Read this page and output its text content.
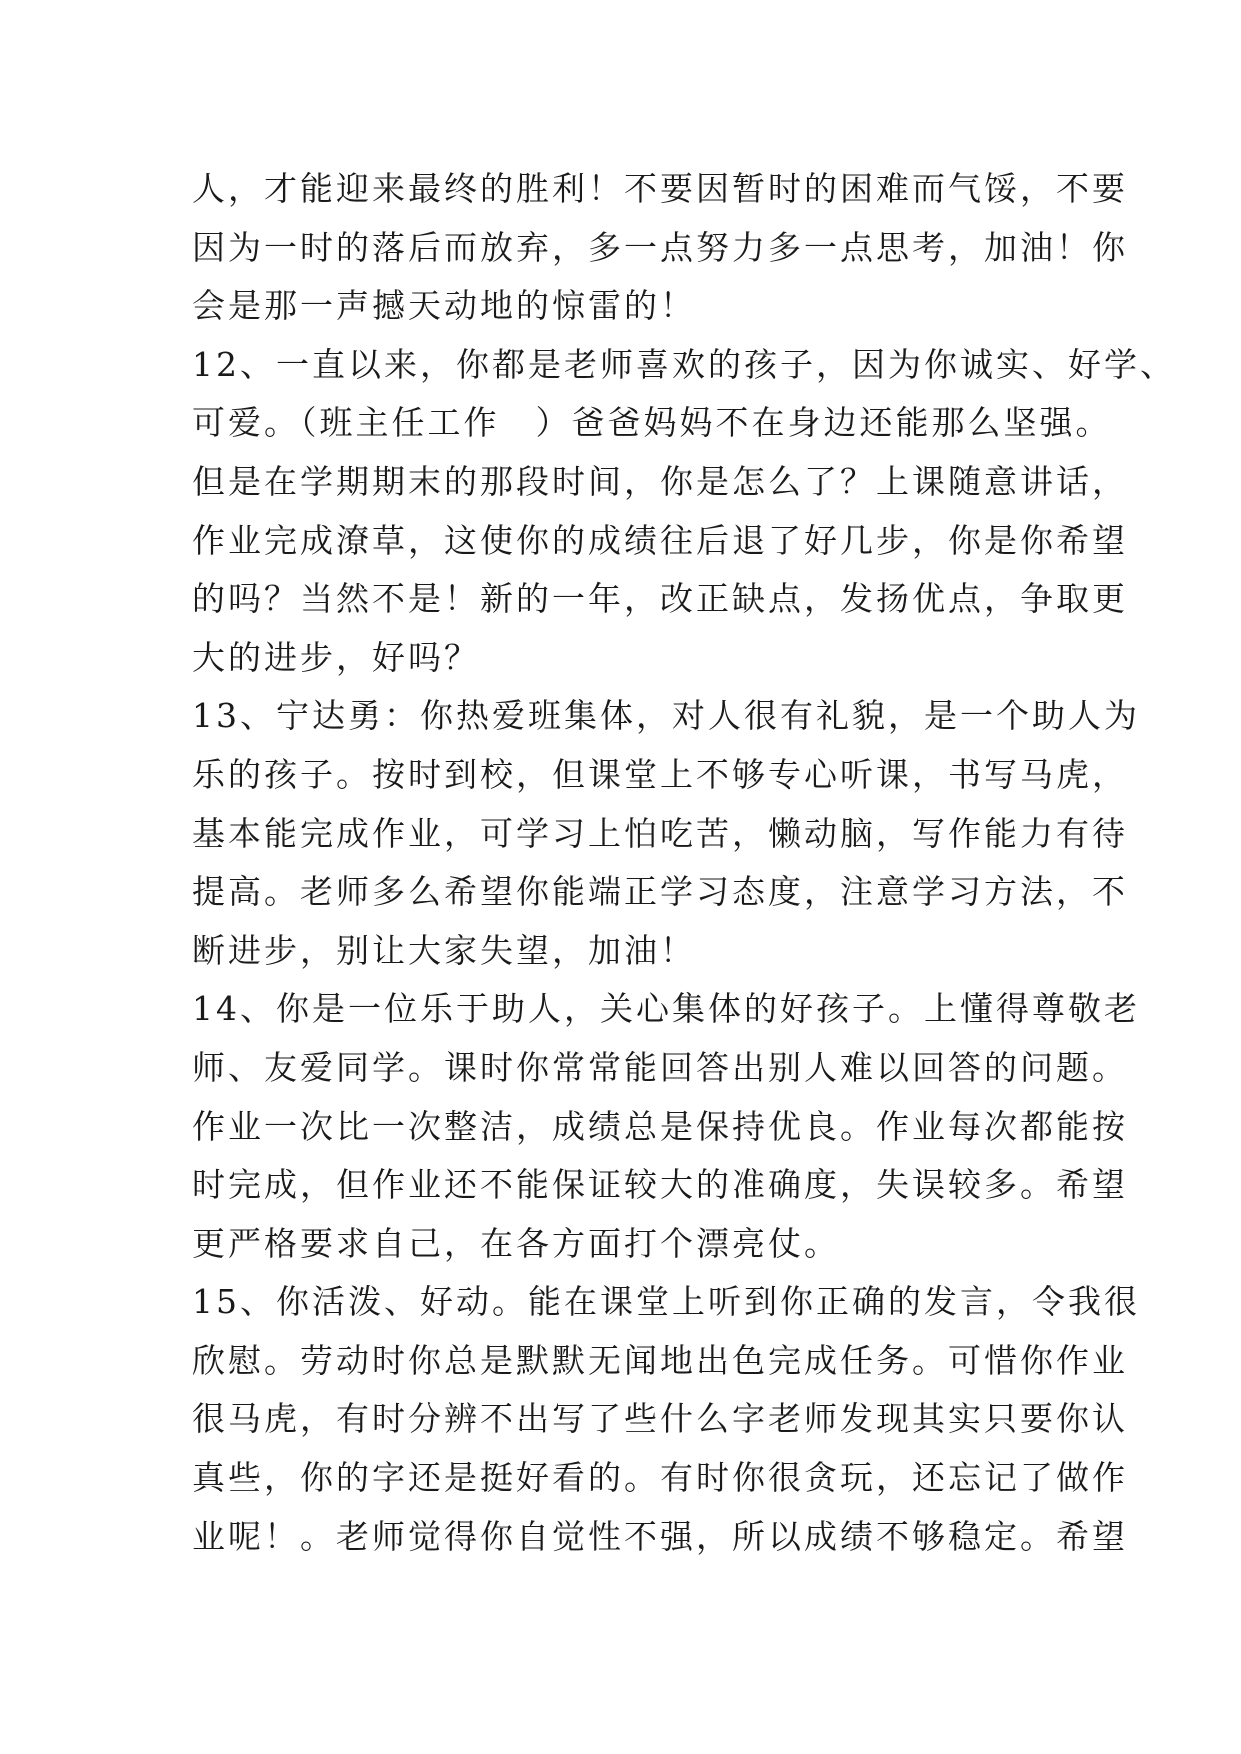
人，才能迎来最终的胜利！不要因暂时的困难而气馁，不要
因为一时的落后而放弃，多一点努力多一点思考，加油！你
会是那一声撼天动地的惊雷的！
12、一直以来，你都是老师喜欢的孩子，因为你诚实、好学、
可爱。（班主任工作　）爸爸妈妈不在身边还能那么坚强。
但是在学期期末的那段时间，你是怎么了？上课随意讲话，
作业完成潦草，这使你的成绩往后退了好几步，你是你希望
的吗？当然不是！新的一年，改正缺点，发扬优点，争取更
大的进步，好吗？
13、宁达勇：你热爱班集体，对人很有礼貌，是一个助人为
乐的孩子。按时到校，但课堂上不够专心听课，书写马虎，
基本能完成作业，可学习上怕吃苦，懒动脑，写作能力有待
提高。老师多么希望你能端正学习态度，注意学习方法，不
断进步，别让大家失望，加油！
14、你是一位乐于助人，关心集体的好孩子。上懂得尊敬老
师、友爱同学。课时你常常能回答出别人难以回答的问题。
作业一次比一次整洁，成绩总是保持优良。作业每次都能按
时完成，但作业还不能保证较大的准确度，失误较多。希望
更严格要求自己，在各方面打个漂亮仗。
15、你活泼、好动。能在课堂上听到你正确的发言，令我很
欣慰。劳动时你总是默默无闻地出色完成任务。可惜你作业
很马虎，有时分辨不出写了些什么字老师发现其实只要你认
真些，你的字还是挺好看的。有时你很贪玩，还忘记了做作
业呢！。老师觉得你自觉性不强，所以成绩不够稳定。希望
